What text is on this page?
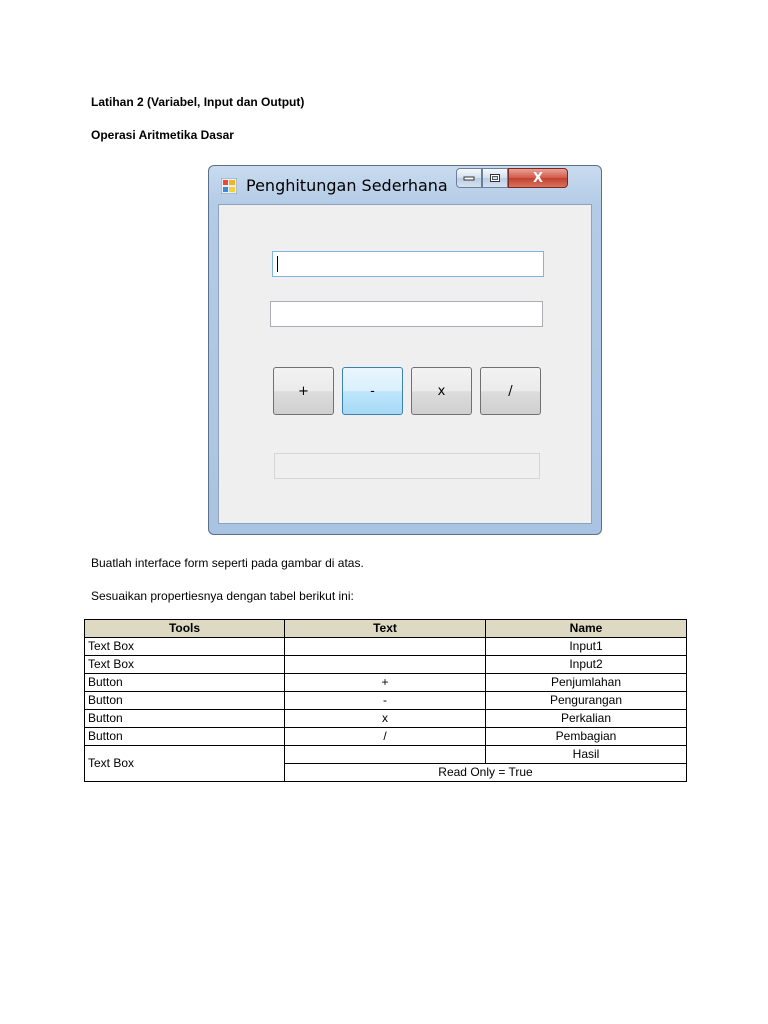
Latihan 2 (Variabel, Input dan Output)
Operasi Aritmetika Dasar
Penghitungan Sederhana	X
+	-	x	/
Buatlah interface form seperti pada gambar di atas.
Sesuaikan propertiesnya dengan tabel berikut ini:
Tools	Text	Name
Text Box		Input1
Text Box		Input2
Button	+	Penjumlahan
Button	-	Pengurangan
Button	x	Perkalian
Button	/	Pembagian
Text Box		Hasil
	Read Only = True	
